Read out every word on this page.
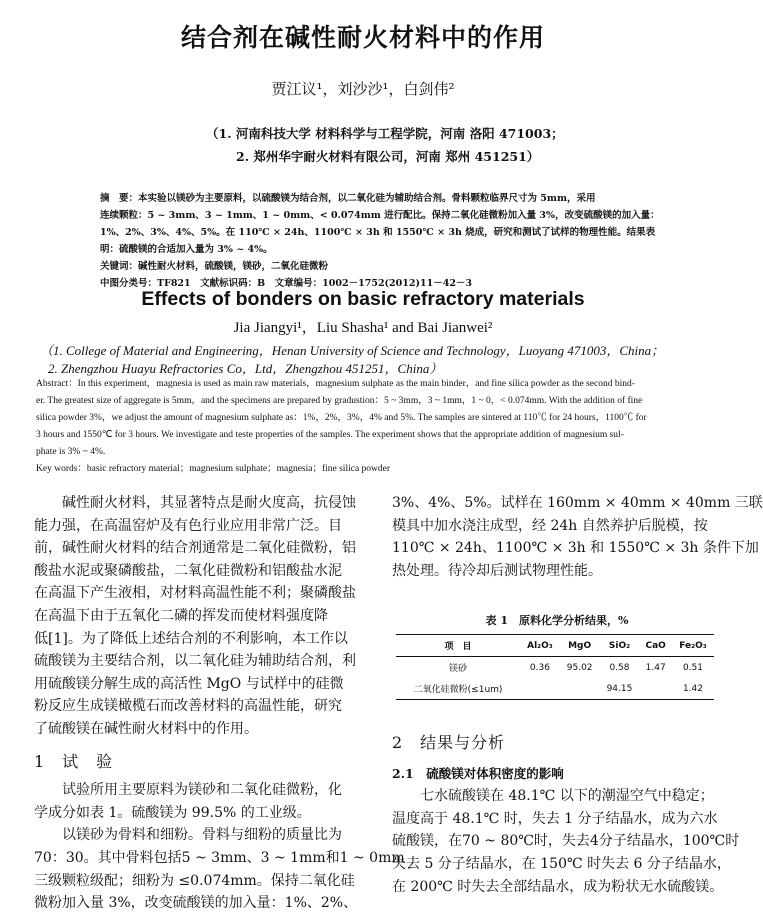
结合剂在碱性耐火材料中的作用
贾江议¹，刘沙沙¹，白剑伟²
（1. 河南科技大学 材料科学与工程学院，河南 洛阳 471003；
2. 郑州华宇耐火材料有限公司，河南 郑州 451251）
摘　要：本实验以镁砂为主要原料，以硫酸镁为结合剂，以二氧化硅为辅助结合剂。骨料颗粒临界尺寸为 5mm，采用
连续颗粒：5 ~ 3mm、3 ~ 1mm、1 ~ 0mm、< 0.074mm 进行配比。保持二氧化硅微粉加入量 3%，改变硫酸镁的加入量：
1%、2%、3%、4%、5%。在 110℃ × 24h、1100℃ × 3h 和 1550℃ × 3h 烧成，研究和测试了试样的物理性能。结果表
明：硫酸镁的合适加入量为 3% ~ 4%。
关键词：碱性耐火材料，硫酸镁，镁砂，二氧化硅微粉
中图分类号：TF821　文献标识码：B　文章编号：1002－1752(2012)11－42－3
Effects of bonders on basic refractory materials
Jia Jiangyi¹，Liu Shasha¹ and Bai Jianwei²
（1. College of Material and Engineering，Henan University of Science and Technology，Luoyang 471003，China；
2. Zhengzhou Huayu Refractories Co，Ltd，Zhengzhou 451251，China）
Abstract：In this experiment，magnesia is used as main raw materials，magnesium sulphate as the main binder，and fine silica powder as the second bind-
er. The greatest size of aggregate is 5mm，and the specimens are prepared by gradustion：5 ~ 3mm，3 ~ 1mm，1 ~ 0，< 0.074mm. With the addition of fine
silica powder 3%，we adjust the amount of magnesium sulphate as：1%，2%，3%，4% and 5%. The samples are sintered at 110℃ for 24 hours，1100℃ for
3 hours and 1550℃ for 3 hours. We investigate and teste properties of the samples. The experiment shows that the appropriate addition of magnesium sul-
phate is 3% ~ 4%.
Key words：basic refractory material；magnesium sulphate；magnesia；fine silica powder
　　碱性耐火材料，其显著特点是耐火度高，抗侵蚀
能力强，在高温窑炉及有色行业应用非常广泛。目
前，碱性耐火材料的结合剂通常是二氧化硅微粉，铝
酸盐水泥或聚磷酸盐，二氧化硅微粉和铝酸盐水泥
在高温下产生液相，对材料高温性能不利；聚磷酸盐
在高温下由于五氧化二磷的挥发而使材料强度降
低[1]。为了降低上述结合剂的不利影响，本工作以
硫酸镁为主要结合剂，以二氧化硅为辅助结合剂，利
用硫酸镁分解生成的高活性 MgO 与试样中的硅微
粉反应生成镁橄榄石而改善材料的高温性能，研究
了硫酸镁在碱性耐火材料中的作用。
1　试　验
　　试验所用主要原料为镁砂和二氧化硅微粉，化
学成分如表 1。硫酸镁为 99.5% 的工业级。
　　以镁砂为骨料和细粉。骨料与细粉的质量比为
70：30。其中骨料包括5 ~ 3mm、3 ~ 1mm和1 ~ 0mm
三级颗粒级配；细粉为 ≤0.074mm。保持二氧化硅
微粉加入量 3%，改变硫酸镁的加入量：1%、2%、
3%、4%、5%。试样在 160mm × 40mm × 40mm 三联
模具中加水浇注成型，经 24h 自然养护后脱模，按
110℃ × 24h、1100℃ × 3h 和 1550℃ × 3h 条件下加
热处理。待冷却后测试物理性能。
表 1　原料化学分析结果，%
项　目	Al₂O₃	MgO	SiO₂	CaO	Fe₂O₃
镁砂	0.36	95.02	0.58	1.47	0.51
二氧化硅微粉(≤1um)			94.15		1.42
2　结果与分析
2.1　硫酸镁对体积密度的影响
　　七水硫酸镁在 48.1℃ 以下的潮湿空气中稳定；
温度高于 48.1℃ 时，失去 1 分子结晶水，成为六水
硫酸镁，在70 ~ 80℃时，失去4分子结晶水，100℃时
失去 5 分子结晶水，在 150℃ 时失去 6 分子结晶水，
在 200℃ 时失去全部结晶水，成为粉状无水硫酸镁。
